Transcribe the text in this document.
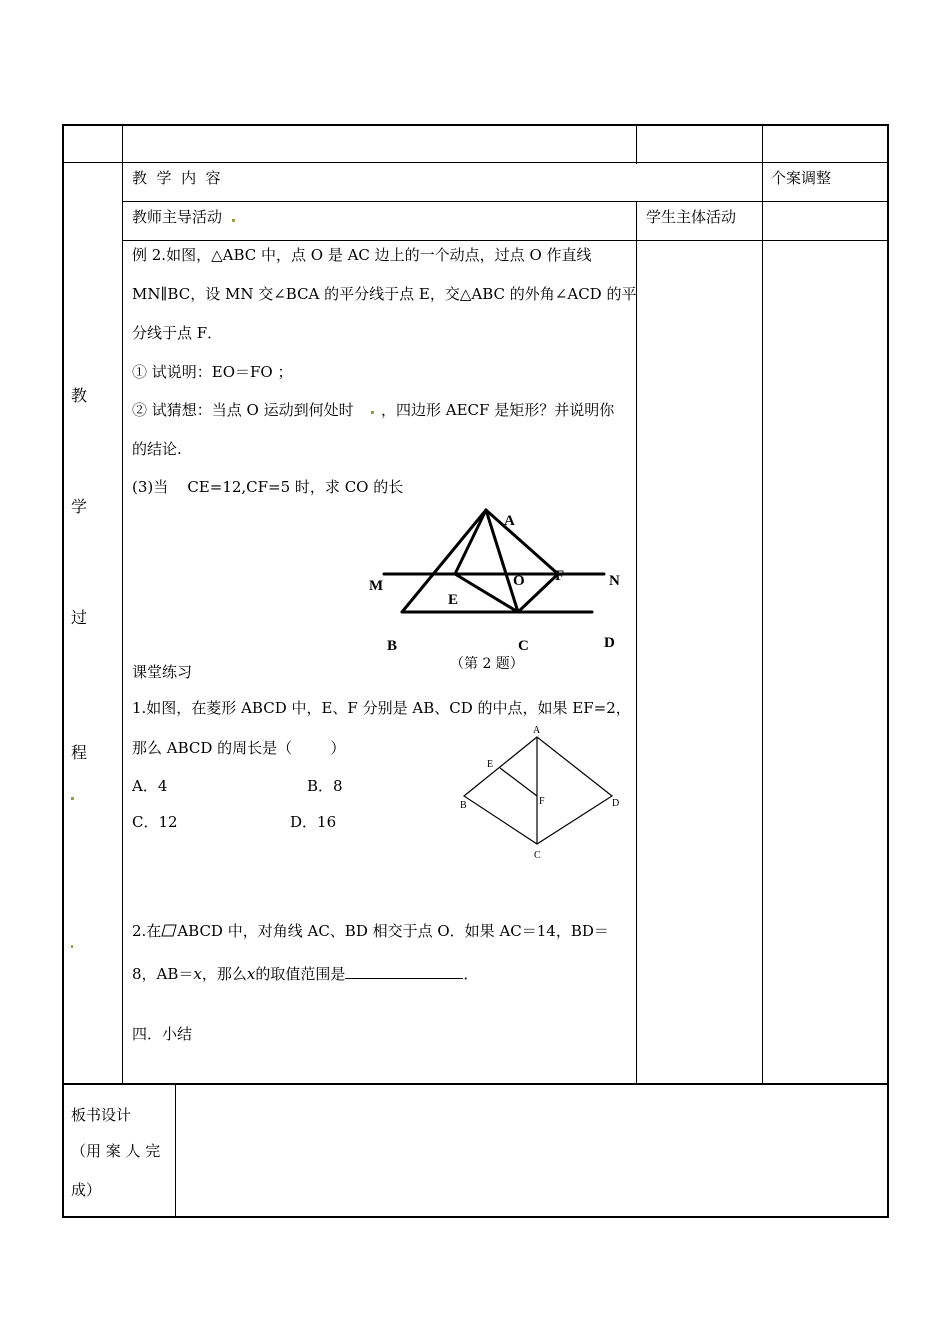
教  学  内  容	个案调整
教师主导活动	学生主体活动
教
学
过
程
例 2.如图，△ABC 中，点 O 是 AC 边上的一个动点，过点 O 作直线
MN∥BC，设 MN 交∠BCA 的平分线于点 E，交△ABC 的外角∠ACD 的平
分线于点 F．
① 试说明：EO＝FO ；
② 试猜想：当点 O 运动到何处时 ，四边形 AECF 是矩形？并说明你
的结论.
(3)当    CE=12,CF=5 时，求 CO 的长
A
M	N
O F
E
B	C	D
（第 2 题）
课堂练习
1.如图，在菱形 ABCD 中，E、F 分别是 AB、CD 的中点，如果 EF=2，
那么 ABCD 的周长是（        ）
A．4	B．8
C．12	D．16
A
E
B	F	D
C
2.在 ABCD 中，对角线 AC、BD 相交于点 O．如果 AC＝14，BD＝
8，AB＝x，那么x的取值范围是	．
四．小结
板书设计
（用 案 人 完
成）
